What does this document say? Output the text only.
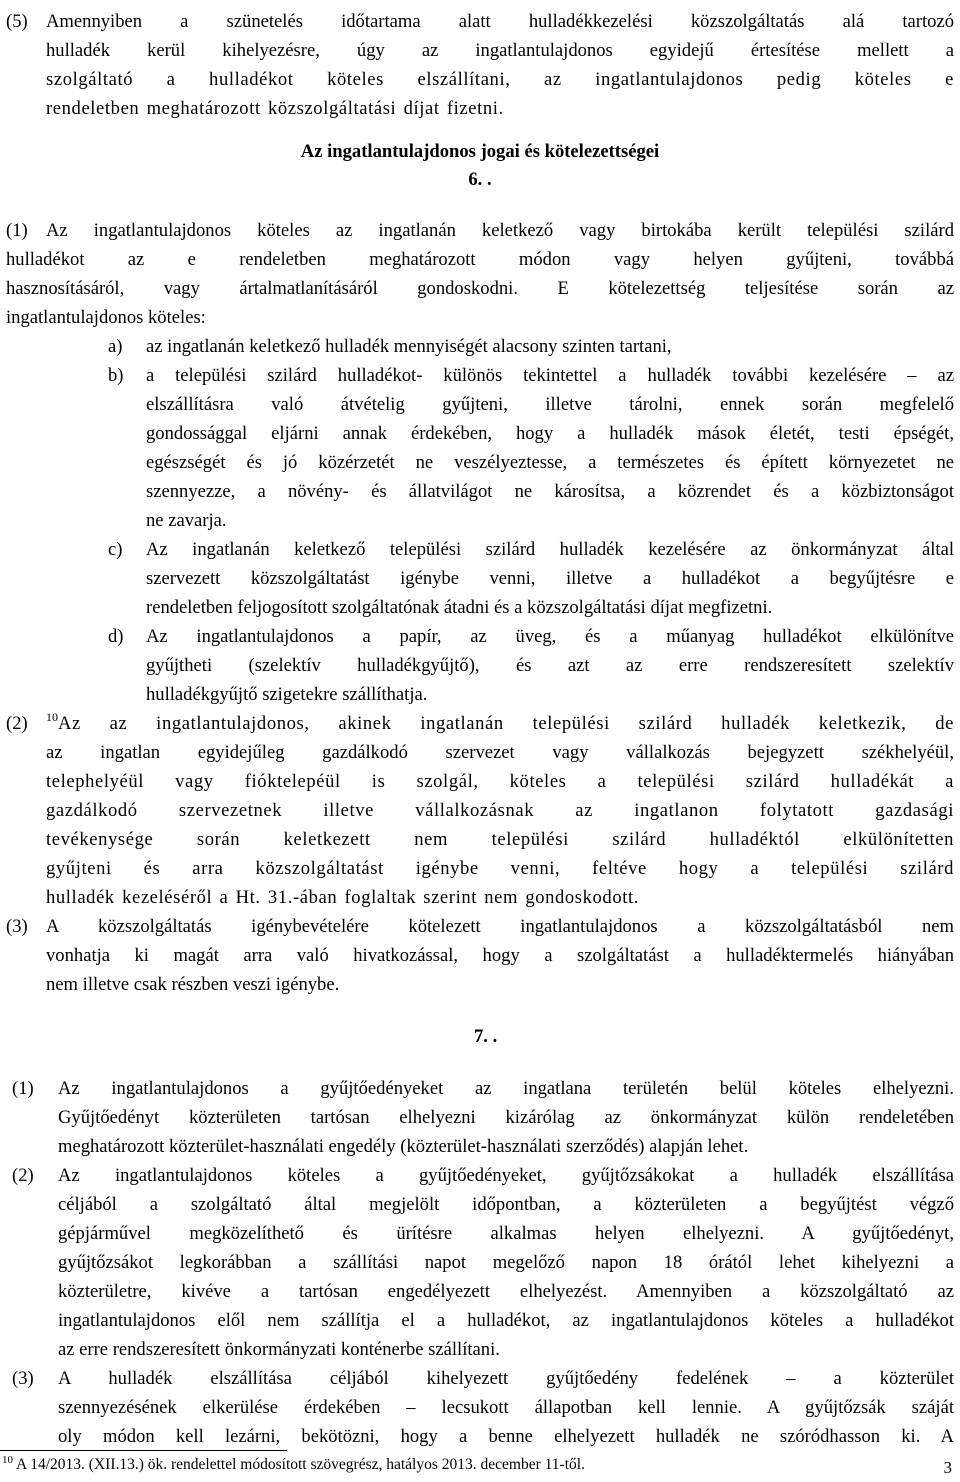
(5) Amennyiben a szünetelés időtartama alatt hulladékkezelési közszolgáltatás alá tartozó
hulladék kerül kihelyezésre, úgy az ingatlantulajdonos egyidejű értesítése mellett a
szolgáltató a hulladékot köteles elszállítani, az ingatlantulajdonos pedig köteles e
rendeletben meghatározott közszolgáltatási díjat fizetni.
Az ingatlantulajdonos jogai és kötelezettségei
6. .
(1) Az ingatlantulajdonos köteles az ingatlanán keletkező vagy birtokába került települési szilárd
hulladékot az e rendeletben meghatározott módon vagy helyen gyűjteni, továbbá
hasznosításáról, vagy ártalmatlanításáról gondoskodni. E kötelezettség teljesítése során az
ingatlantulajdonos köteles:
a) az ingatlanán keletkező hulladék mennyiségét alacsony szinten tartani,
b) a települési szilárd hulladékot- különös tekintettel a hulladék további kezelésére – az
elszállításra való átvételig gyűjteni, illetve tárolni, ennek során megfelelő
gondossággal eljárni annak érdekében, hogy a hulladék mások életét, testi épségét,
egészségét és jó közérzetét ne veszélyeztesse, a természetes és épített környezetet ne
szennyezze, a növény- és állatvilágot ne károsítsa, a közrendet és a közbiztonságot
ne zavarja.
c) Az ingatlanán keletkező települési szilárd hulladék kezelésére az önkormányzat által
szervezett közszolgáltatást igénybe venni, illetve a hulladékot a begyűjtésre e
rendeletben feljogosított szolgáltatónak átadni és a közszolgáltatási díjat megfizetni.
d) Az ingatlantulajdonos a papír, az üveg, és a műanyag hulladékot elkülönítve
gyűjtheti (szelektív hulladékgyűjtő), és azt az erre rendszeresített szelektív
hulladékgyűjtő szigetekre szállíthatja.
(2) 10 Az az ingatlantulajdonos, akinek ingatlanán települési szilárd hulladék keletkezik, de
az ingatlan egyidejűleg gazdálkodó szervezet vagy vállalkozás bejegyzett székhelyéül,
telephelyéül vagy fióktelepéül is szolgál, köteles a települési szilárd hulladékát a
gazdálkodó szervezetnek illetve vállalkozásnak az ingatlanon folytatott gazdasági
tevékenysége során keletkezett nem települési szilárd hulladéktól elkülönítetten
gyűjteni és arra közszolgáltatást igénybe venni, feltéve hogy a települési szilárd
hulladék kezeléséről a Ht. 31.-ában foglaltak szerint nem gondoskodott.
(3) A közszolgáltatás igénybevételére kötelezett ingatlantulajdonos a közszolgáltatásból nem
vonhatja ki magát arra való hivatkozással, hogy a szolgáltatást a hulladéktermelés hiányában
nem illetve csak részben veszi igénybe.
7. .
(1) Az ingatlantulajdonos a gyűjtőedényeket az ingatlana területén belül köteles elhelyezni.
Gyűjtőedényt közterületen tartósan elhelyezni kizárólag az önkormányzat külön rendeletében
meghatározott közterület-használati engedély (közterület-használati szerződés) alapján lehet.
(2) Az ingatlantulajdonos köteles a gyűjtőedényeket, gyűjtőzsákokat a hulladék elszállítása
céljából a szolgáltató által megjelölt időpontban, a közterületen a begyűjtést végző
gépjárművel megközelíthető és ürítésre alkalmas helyen elhelyezni. A gyűjtőedényt,
gyűjtőzsákot legkorábban a szállítási napot megelőző napon 18 órától lehet kihelyezni a
közterületre, kivéve a tartósan engedélyezett elhelyezést. Amennyiben a közszolgáltató az
ingatlantulajdonos elől nem szállítja el a hulladékot, az ingatlantulajdonos köteles a hulladékot
az erre rendszeresített önkormányzati konténerbe szállítani.
(3) A hulladék elszállítása céljából kihelyezett gyűjtőedény fedelének – a közterület
szennyezésének elkerülése érdekében – lecsukott állapotban kell lennie. A gyűjtőzsák száját
oly módon kell lezárni, bekötözni, hogy a benne elhelyezett hulladék ne szóródhasson ki. A
$^{10}$ A 14/2013. (XII.13.) ök. rendelettel módosított szövegrész, hatályos 2013. december 11-től.	3
